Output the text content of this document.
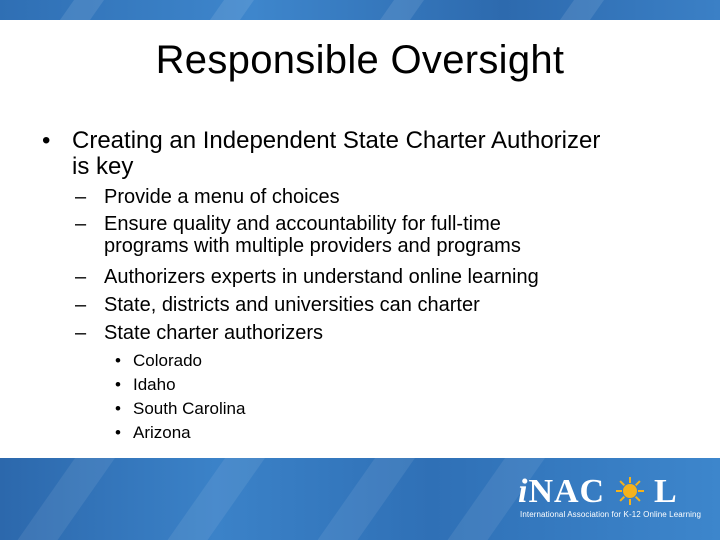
Responsible Oversight
• Creating an Independent State Charter Authorizer
is key
– Provide a menu of choices
– Ensure quality and accountability for full-time
programs with multiple providers and programs
– Authorizers experts in understand online learning
– State, districts and universities can charter
– State charter authorizers
• Colorado
• Idaho
• South Carolina
• Arizona
iNAC L
International Association for K-12 Online Learning
